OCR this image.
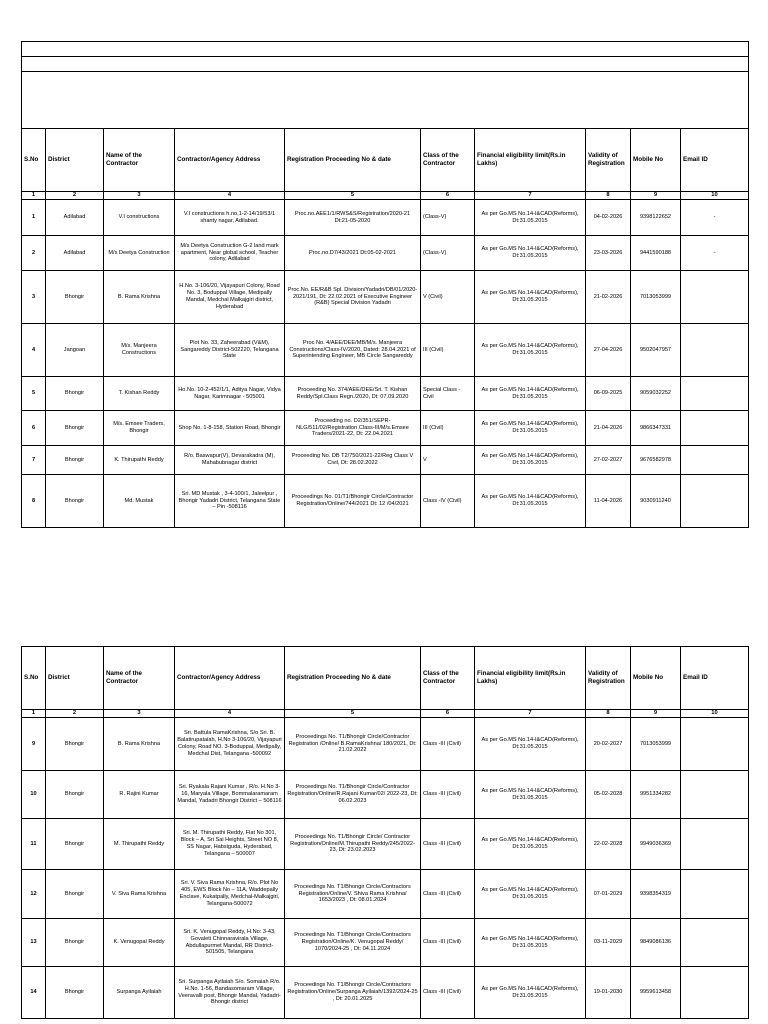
S.No	District	Name of the Contractor	Contractor/Agency Address	Registration Proceeding No & date	Class of the Contractor	Financial eligibility limit(Rs.in Lakhs)	Validity of Registration	Mobile No	Email ID
1	2	3	4	5	6	7	8	9	10
1	Adilabad	V.I constructions	V.I constructions h.no,1-2-14/19/53/1 shanty nagar, Adilabad.	Proc.no.AEE1/1/RWS&S/Registration/2020-21 Dt:21-05-2020	(Class-V)	As per Go.MS No.14-I&CAD(Reforms), Dt:31.05.2015	04-02-2026	9398122652	-
2	Adilabad	M/s Deetya Construction	M/s Deetya Construction G-2 land mark apartment, Near global school, Teacher colony, Adilabad	Proc.no.D7/43/2021 Dt:05-02-2021	(Class-V)	As per Go.MS No.14-I&CAD(Reforms), Dt:31.05.2015	23-03-2026	9441590188	-
3	Bhongir	B. Rama Krishna	H.No. 3-106/20, Vijayapuri Colony, Road No. 3, Boduppal Village, Medipally Mandal, Medchal Malkajgiri district, Hyderabad	Proc.No. EE/R&B Spl. Division/Yadadri/DB/01/2020-2021/191, Dt: 22.02.2021 of Executive Engineer (R&B) Special Division Yadadri	V (Civil)	As per Go.MS No.14-I&CAD(Reforms), Dt:31.05.2015	21-02-2026	7013053999	
4	Jangoan	M/s. Manjeera Constructions	Plot No. 33, Zaheerabad (V&M), Sangareddy District-502220, Telangana State	Proc No. 4/AEE/DEE/MB/M/s. Manjeera Constructions/Class-IV/2020, Dated: 28.04.2021 of Superintending Engineer, MB Circle Sangareddy	III (Civil)	As per Go.MS No.14-I&CAD(Reforms), Dt:31.05.2015	27-04-2026	9502047957	
5	Bhongir	T. Kishan Reddy	Ho.No. 10-2-452/1/1, Aditya Nagar, Vidya Nagar, Karimnagar - 505001	Proceeding No. 374/AEE/DEE/Sri. T. Kishan Reddy/Spl.Class Regn./2020, Dt: 07.09.2020	Special Class - Civil	As per Go.MS No.14-I&CAD(Reforms), Dt:31.05.2015	06-09-2025	9059032252	
6	Bhongir	M/s. Emsee Traders, Bhongir	Shop No. 1-8-158, Station Road, Bhongir	Proceeding no. D2/351/SEPR-NLG/511/02/Registration Class-III/M/s.Emsee Traders/2021-22, Dt: 22.04.2021	III (Civil)	As per Go.MS No.14-I&CAD(Reforms), Dt:31.05.2015	21-04-2026	9866347331	
7	Bhongir	K. Thirupathi Reddy	R/o. Baswapur(V), Devarakadra (M), Mahabubnagar district	Proceeding No. DB T2/750/2021-22/Reg Class V Civil, Dt: 28.02.2022	V	As per Go.MS No.14-I&CAD(Reforms), Dt:31.05.2015	27-02-2027	9676582978	
8	Bhongir	Md. Mustak	Sri. MD Mustak , 3-4-100/1, Jaleelpur , Bhongir Yadadri District, Telangana State – Pin -508116	Proceedings No. 01/T1/Bhongir Circle/Contractor Registration/Online/744/2021 Dt: 12 /04/2021	Class -IV (Civil)	As per Go.MS No.14-I&CAD(Reforms), Dt:31.05.2015	11-04-2026	9030911240	
S.No	District	Name of the Contractor	Contractor/Agency Address	Registration Proceeding No & date	Class of the Contractor	Financial eligibility limit(Rs.in Lakhs)	Validity of Registration	Mobile No	Email ID
1	2	3	4	5	6	7	8	9	10
9	Bhongir	B. Rama Krishna	Sri. Battula RamaKrishna, S/o Sri. B. Balatirupataiah, H.No 3-106/20, Vijayapuri Colony, Road NO. 3-Boduppal, Medipally, Medchal Dist, Telangana -500092	Proceedings No. T1/Bhongir Circle/Contractor Registration /Online/ B.RamaKrishna/ 180/2021, Dt: 21.02.2022	Class -III (Civil)	As per Go.MS No.14-I&CAD(Reforms), Dt:31.05.2015	20-02-2027	7013053999	
10	Bhongir	R. Rajini Kumar	Sri. Ryakala Rajani Kumar , R/o. H.No 3-16, Maryala Village, Bommalaramaram Mandal, Yadadri Bhongir District – 508116	Proceedings No. T1/Bhongir Circle/Contractor Registration/Online/R.Rajani Kumar/02/ 2022-23, Dt: 06.02.2023	Class -III (Civil)	As per Go.MS No.14-I&CAD(Reforms), Dt:31.05.2015	05-02-2028	9951334282	
11	Bhongir	M. Thirupathi Reddy	Sri. M. Thirupathi Reddy, Flat No 301, Block – A, Sri Sai Heights, Street NO 8, SS Nagar, Habsiguda, Hyderabad, Telangana – 500007	Proceedings No. T1/Bhongir Circle/ Contractor Registration/Online/M.Thirupathi Reddy/245/2022-23, Dt: 23.02.2023	Class -III (Civil)	As per Go.MS No.14-I&CAD(Reforms), Dt:31.05.2015	22-02-2028	9949036369	
12	Bhongir	V. Siva Rama Krishna	Sri. V. Siva Rama Krishna, R/o. Plot No 405, EWS Block No – 11A, Waddepally Enclave, Kukatpally, Medchal-Malkajgiri, Telangana-500072	Proceedings No. T1/Bhongir Circle/Contractors Registration/Online/V. Shiva Rama Krishna/ 1653/2023 , Dt: 08.01.2024	Class -III (Civil)	As per Go.MS No.14-I&CAD(Reforms), Dt:31.05.2015	07-01-2029	9398354319	
13	Bhongir	K. Venugopal Reddy	Sri. K. Venugopal Reddy, H.No: 3-43, Govaleti Chinnaravirala Village, Abdullapurmet Mandal, RR District-501505, Telangana	Proceedings No. T1/Bhongir Circle/Contractors Registration/Online/K. Venugopal Reddy/ 1070/2024-25 , Dt: 04.11.2024	Class -III (Civil)	As per Go.MS No.14-I&CAD(Reforms), Dt:31.05.2015	03-11-2029	9849086136	
14	Bhongir	Surpanga Ayilaiah	Sri. Surpanga Ayilaiah S/o. Somaiah R/o. H.No. 1-56, Bandasomaram Village, Veeravalli post, Bhongir Mandal, Yadadri-Bhongir district	Proceedings No. T1/Bhongir Circle/Contractors Registration/Online/Surpanga Ayilaiah/1392/2024-25 , Dt: 20.01.2025	Class -III (Civil)	As per Go.MS No.14-I&CAD(Reforms), Dt:31.05.2015	19-01-2030	9959613458	
